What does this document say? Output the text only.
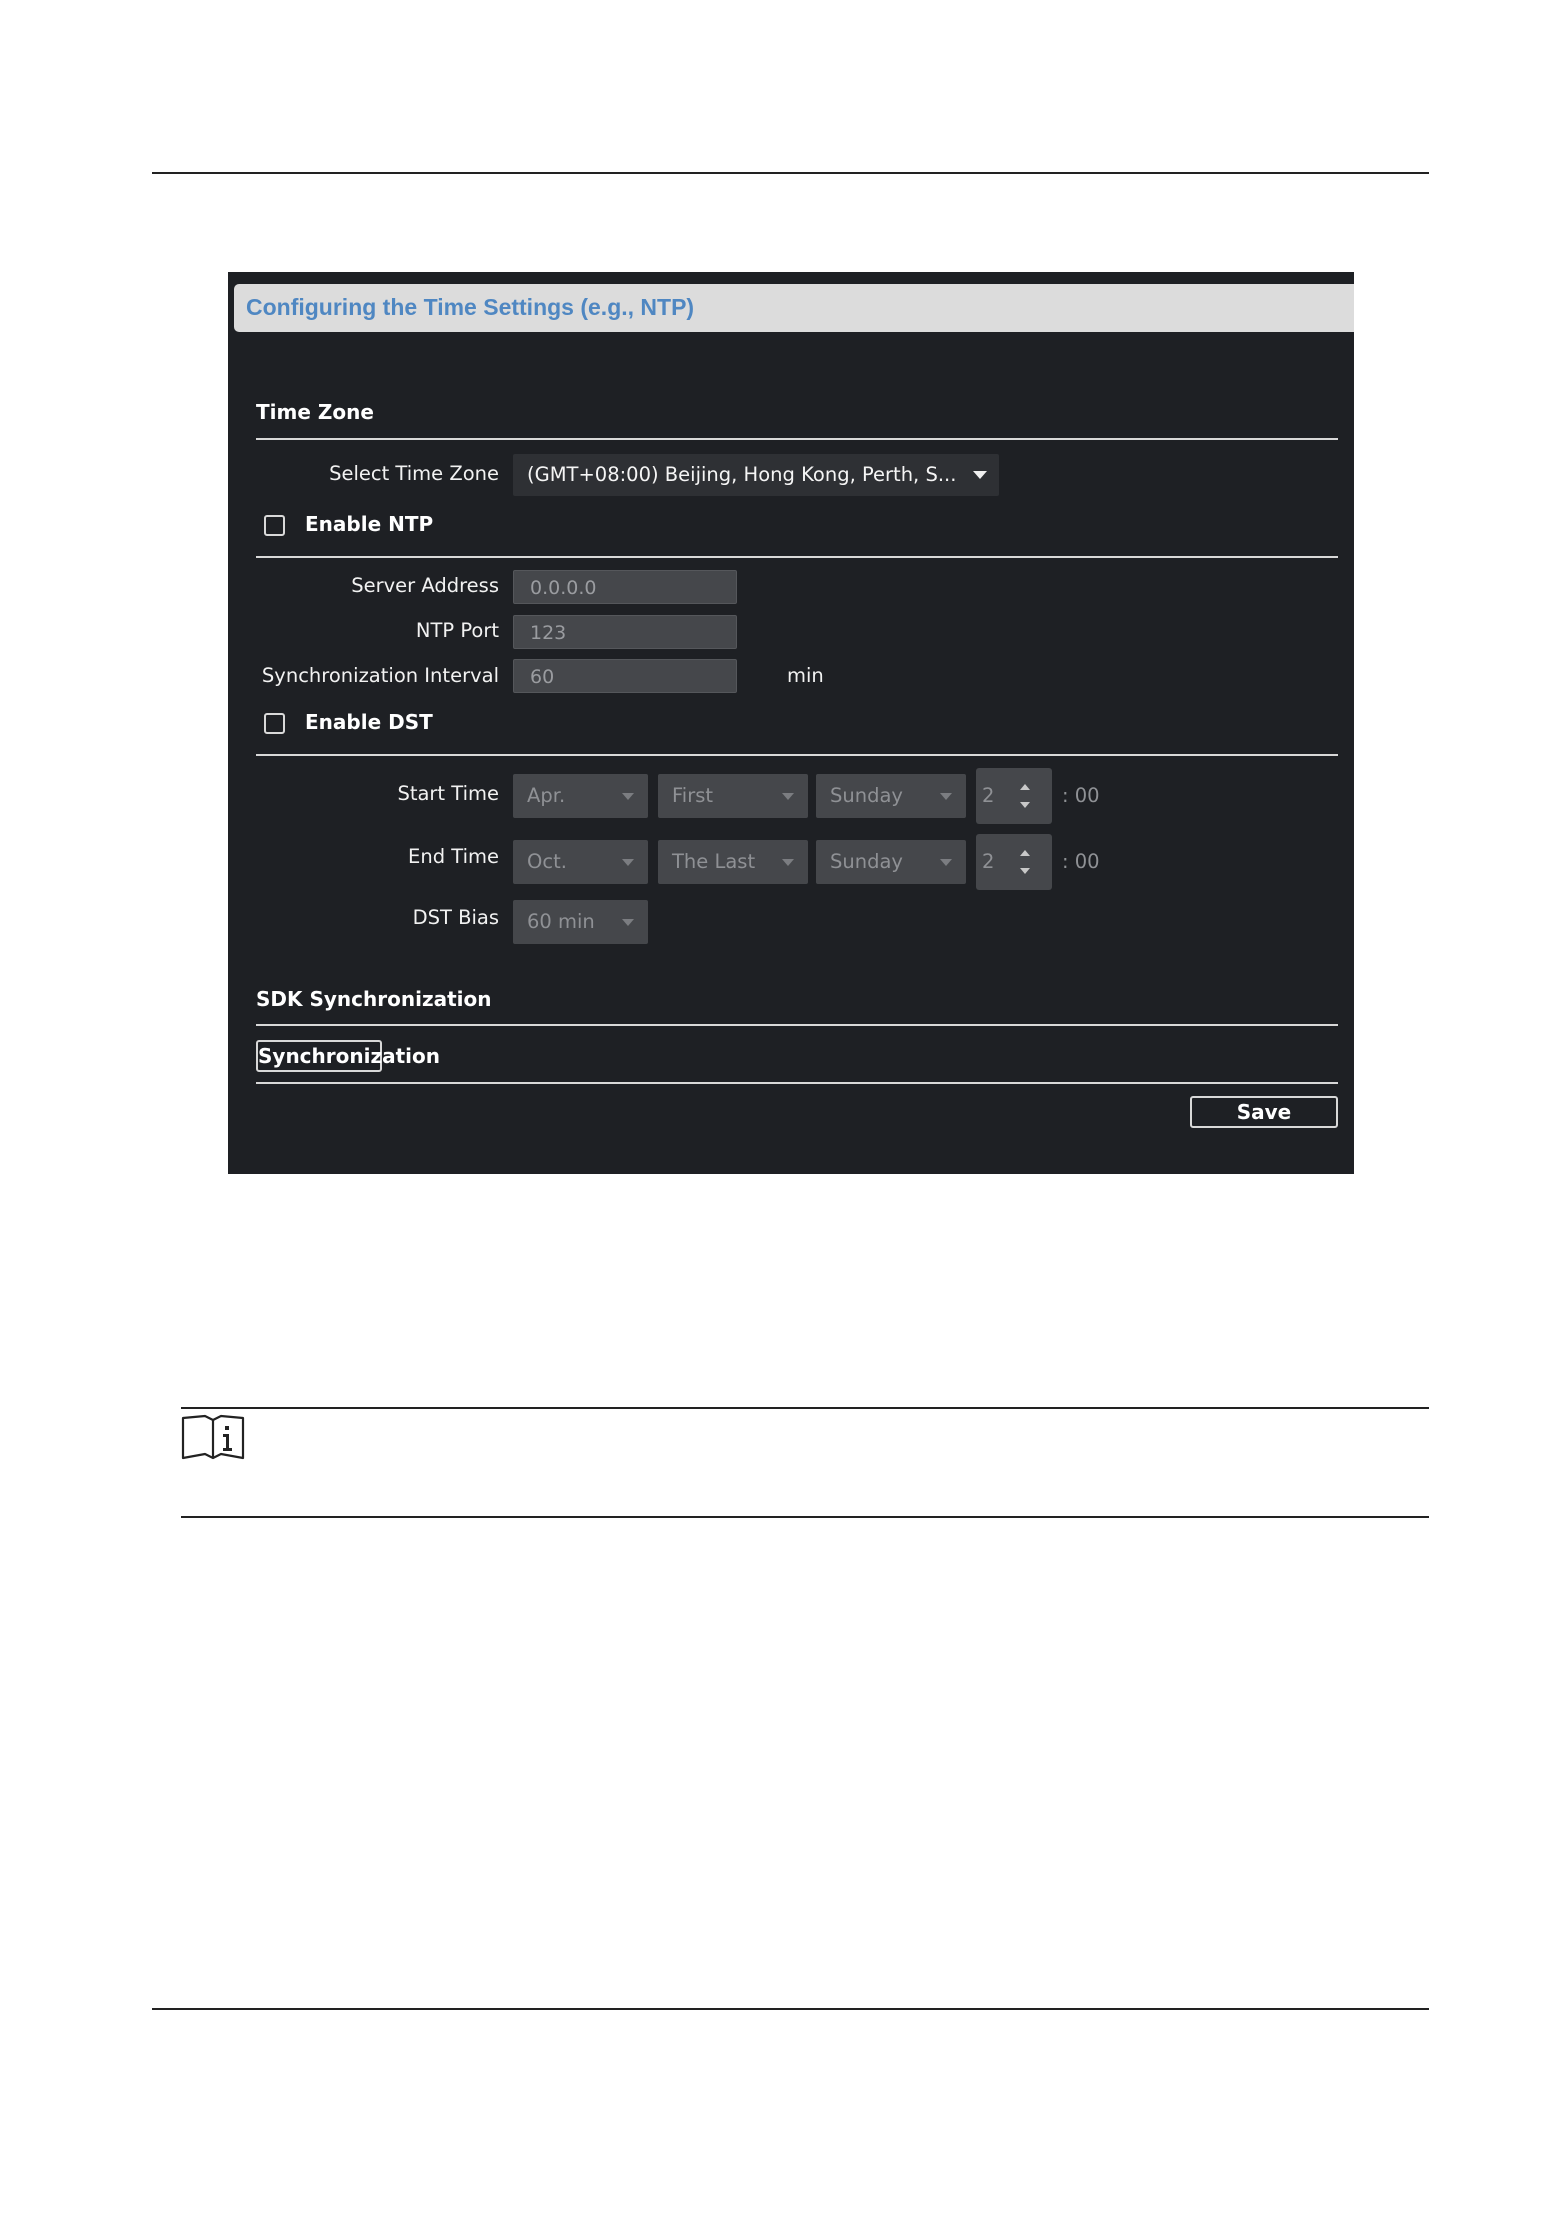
Configuring the Time Settings (e.g., NTP)
Time Zone
Select Time Zone	(GMT+08:00) Beijing, Hong Kong, Perth, S...
Enable NTP
Server Address	0.0.0.0
NTP Port	123
Synchronization Interval	60	min
Enable DST
Start Time	Apr.	First	Sunday	2	: 00
End Time	Oct.	The Last	Sunday	2	: 00
DST Bias	60 min
SDK Synchronization
Synchronization
Save
